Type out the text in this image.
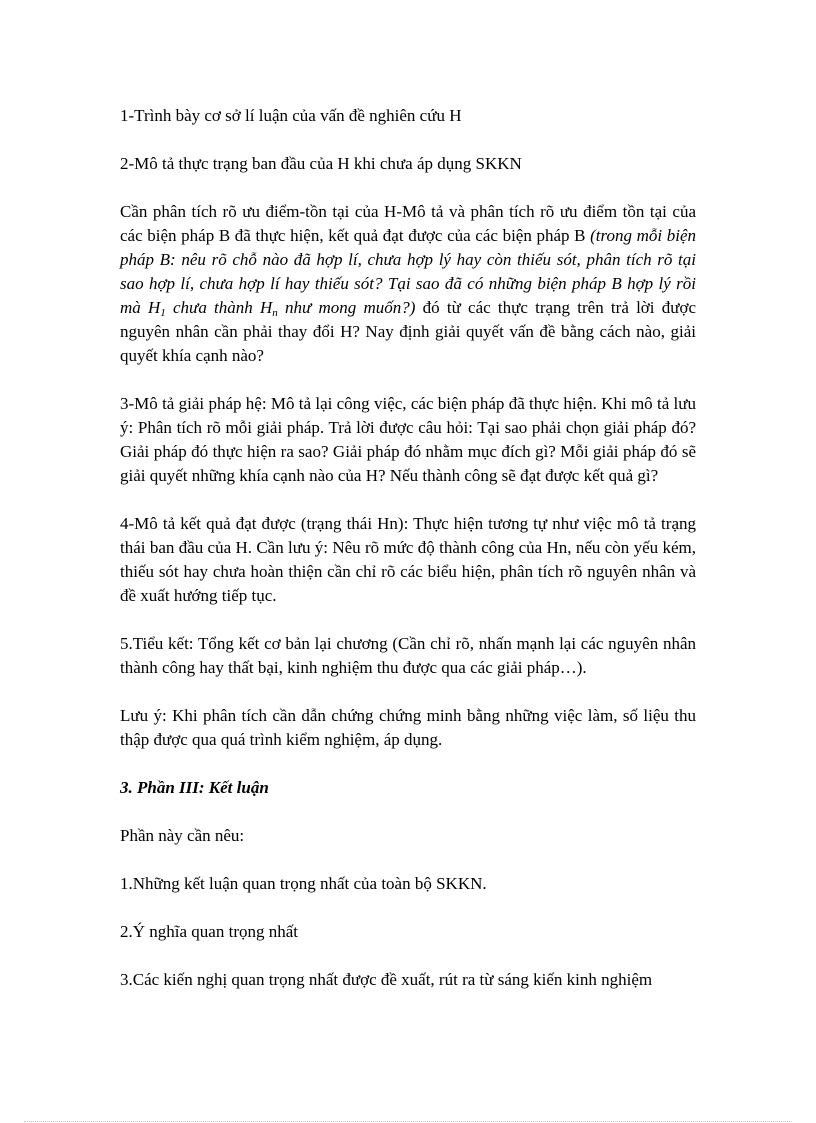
1-Trình bày cơ sở lí luận của vấn đề nghiên cứu H

2-Mô tả thực trạng ban đầu của H khi chưa áp dụng SKKN

Cần phân tích rõ ưu điểm-tồn tại của H-Mô tả và phân tích rõ ưu điểm tồn tại của các biện pháp B đã thực hiện, kết quả đạt được của các biện pháp B (trong mỗi biện pháp B: nêu rõ chỗ nào đã hợp lí, chưa hợp lý hay còn thiếu sót, phân tích rõ tại sao hợp lí, chưa hợp lí hay thiếu sót? Tại sao đã có những biện pháp B hợp lý rồi mà $H_1$ chưa thành $H_n$ như mong muốn?) đó từ các thực trạng trên trả lời được nguyên nhân cần phải thay đổi H? Nay định giải quyết vấn đề bằng cách nào, giải quyết khía cạnh nào?

3-Mô tả giải pháp hệ: Mô tả lại công việc, các biện pháp đã thực hiện. Khi mô tả lưu ý: Phân tích rõ mỗi giải pháp. Trả lời được câu hỏi: Tại sao phải chọn giải pháp đó? Giải pháp đó thực hiện ra sao? Giải pháp đó nhằm mục đích gì? Mỗi giải pháp đó sẽ giải quyết những khía cạnh nào của H? Nếu thành công sẽ đạt được kết quả gì?

4-Mô tả kết quả đạt được (trạng thái Hn): Thực hiện tương tự như việc mô tả trạng thái ban đầu của H. Cần lưu ý: Nêu rõ mức độ thành công của Hn, nếu còn yếu kém, thiếu sót hay chưa hoàn thiện cần chỉ rõ các biểu hiện, phân tích rõ nguyên nhân và đề xuất hướng tiếp tục.

5.Tiểu kết: Tổng kết cơ bản lại chương (Cần chỉ rõ, nhấn mạnh lại các nguyên nhân thành công hay thất bại, kinh nghiệm thu được qua các giải pháp…).

Lưu ý: Khi phân tích cần dẫn chứng chứng minh bằng những việc làm, số liệu thu thập được qua quá trình kiểm nghiệm, áp dụng.

3. Phần III: Kết luận

Phần này cần nêu:

1.Những kết luận quan trọng nhất của toàn bộ SKKN.

2.Ý nghĩa quan trọng nhất

3.Các kiến nghị quan trọng nhất được đề xuất, rút ra từ sáng kiến kinh nghiệm
